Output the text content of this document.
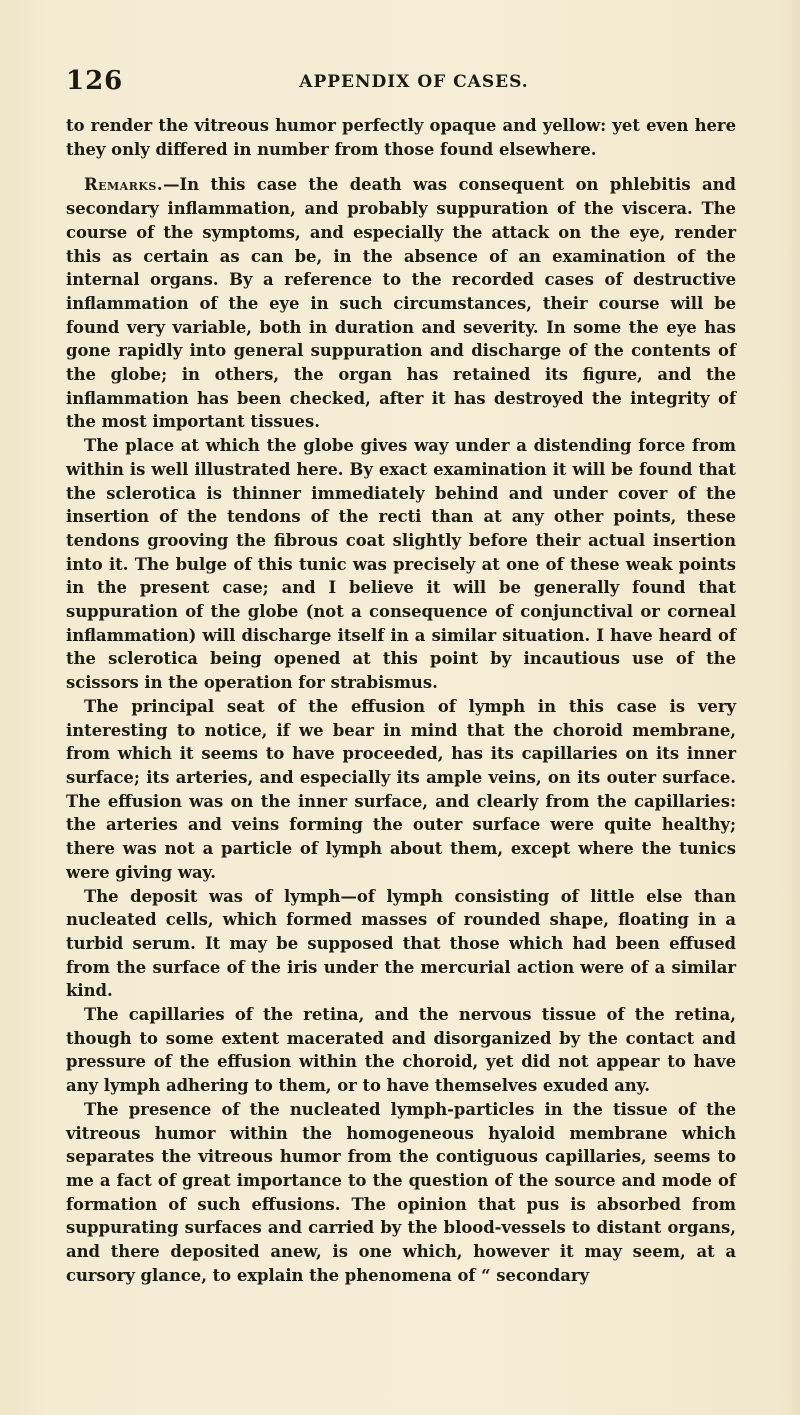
126	APPENDIX OF CASES.

to render the vitreous humor perfectly opaque and yellow: yet even here they only differed in number from those found elsewhere.

Remarks.—In this case the death was consequent on phlebitis and secondary inflammation, and probably suppuration of the viscera. The course of the symptoms, and especially the attack on the eye, render this as certain as can be, in the absence of an examination of the internal organs. By a reference to the recorded cases of destructive inflammation of the eye in such circumstances, their course will be found very variable, both in duration and severity. In some the eye has gone rapidly into general suppuration and discharge of the contents of the globe; in others, the organ has retained its figure, and the inflammation has been checked, after it has destroyed the integrity of the most important tissues.

The place at which the globe gives way under a distending force from within is well illustrated here. By exact examination it will be found that the sclerotica is thinner immediately behind and under cover of the insertion of the tendons of the recti than at any other points, these tendons grooving the fibrous coat slightly before their actual insertion into it. The bulge of this tunic was precisely at one of these weak points in the present case; and I believe it will be generally found that suppuration of the globe (not a consequence of conjunctival or corneal inflammation) will discharge itself in a similar situation. I have heard of the sclerotica being opened at this point by incautious use of the scissors in the operation for strabismus.

The principal seat of the effusion of lymph in this case is very interesting to notice, if we bear in mind that the choroid membrane, from which it seems to have proceeded, has its capillaries on its inner surface; its arteries, and especially its ample veins, on its outer surface. The effusion was on the inner surface, and clearly from the capillaries: the arteries and veins forming the outer surface were quite healthy; there was not a particle of lymph about them, except where the tunics were giving way.

The deposit was of lymph—of lymph consisting of little else than nucleated cells, which formed masses of rounded shape, floating in a turbid serum. It may be supposed that those which had been effused from the surface of the iris under the mercurial action were of a similar kind.

The capillaries of the retina, and the nervous tissue of the retina, though to some extent macerated and disorganized by the contact and pressure of the effusion within the choroid, yet did not appear to have any lymph adhering to them, or to have themselves exuded any.

The presence of the nucleated lymph-particles in the tissue of the vitreous humor within the homogeneous hyaloid membrane which separates the vitreous humor from the contiguous capillaries, seems to me a fact of great importance to the question of the source and mode of formation of such effusions. The opinion that pus is absorbed from suppurating surfaces and carried by the blood-vessels to distant organs, and there deposited anew, is one which, however it may seem, at a cursory glance, to explain the phenomena of “ secondary
